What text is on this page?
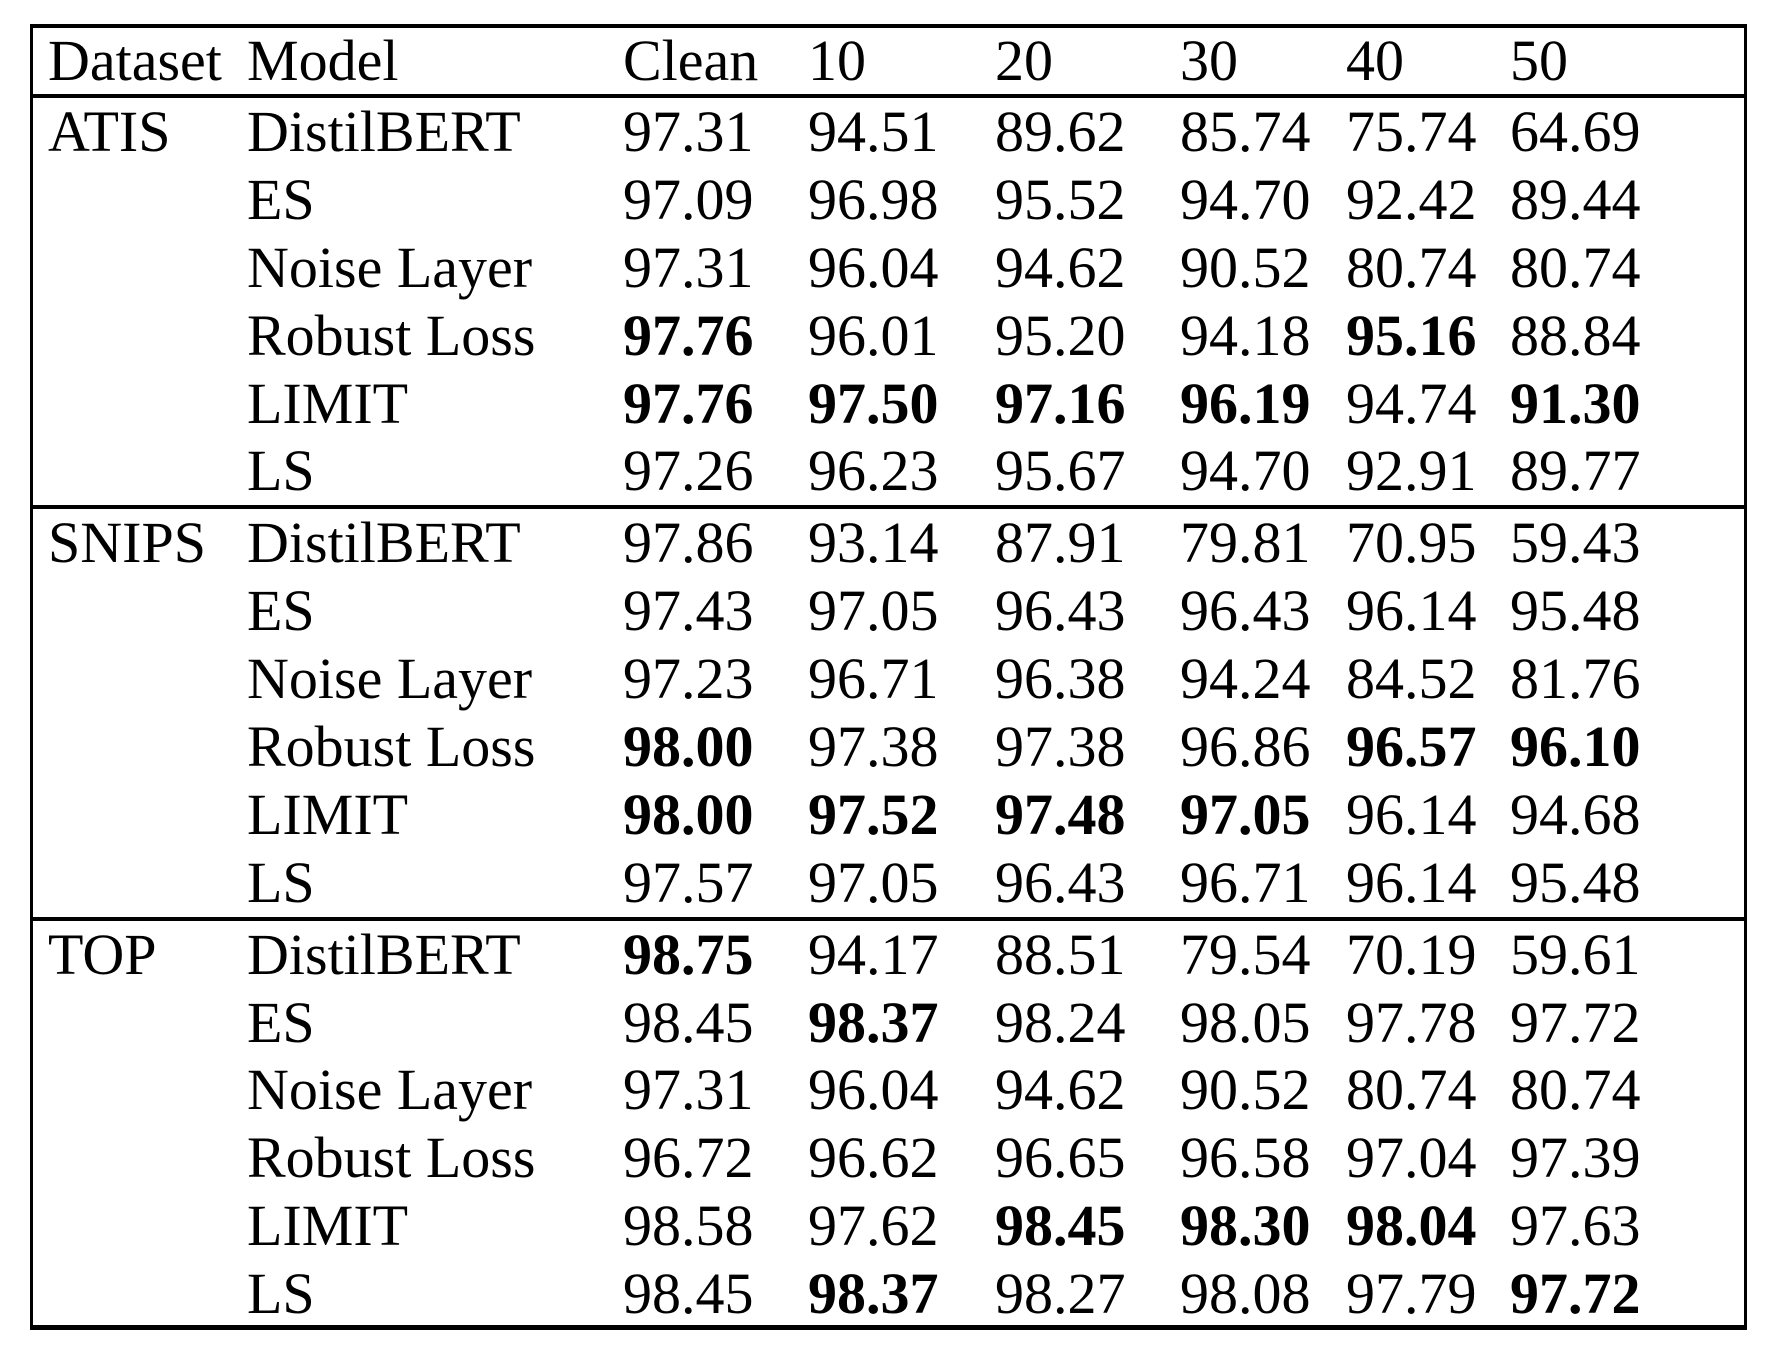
Dataset Model	Clean 10	20	30	40	50
ATIS	DistilBERT	97.31 94.51 89.62 85.74 75.74 64.69
ES	97.09 96.98 95.52 94.70 92.42 89.44
Noise Layer	97.31 96.04 94.62 90.52 80.74 80.74
Robust Loss	97.76 96.01 95.20 94.18 95.16 88.84
LIMIT	97.76 97.50 97.16 96.19 94.74 91.30
LS	97.26 96.23 95.67 94.70 92.91 89.77
SNIPS DistilBERT	97.86 93.14 87.91 79.81 70.95 59.43
ES	97.43 97.05 96.43 96.43 96.14 95.48
Noise Layer	97.23 96.71 96.38 94.24 84.52 81.76
Robust Loss	98.00 97.38 97.38 96.86 96.57 96.10
LIMIT	98.00 97.52 97.48 97.05 96.14 94.68
LS	97.57 97.05 96.43 96.71 96.14 95.48
TOP	DistilBERT	98.75 94.17 88.51 79.54 70.19 59.61
ES	98.45 98.37 98.24 98.05 97.78 97.72
Noise Layer	97.31 96.04 94.62 90.52 80.74 80.74
Robust Loss	96.72 96.62 96.65 96.58 97.04 97.39
LIMIT	98.58 97.62 98.45 98.30 98.04 97.63
LS	98.45 98.37 98.27 98.08 97.79 97.72
